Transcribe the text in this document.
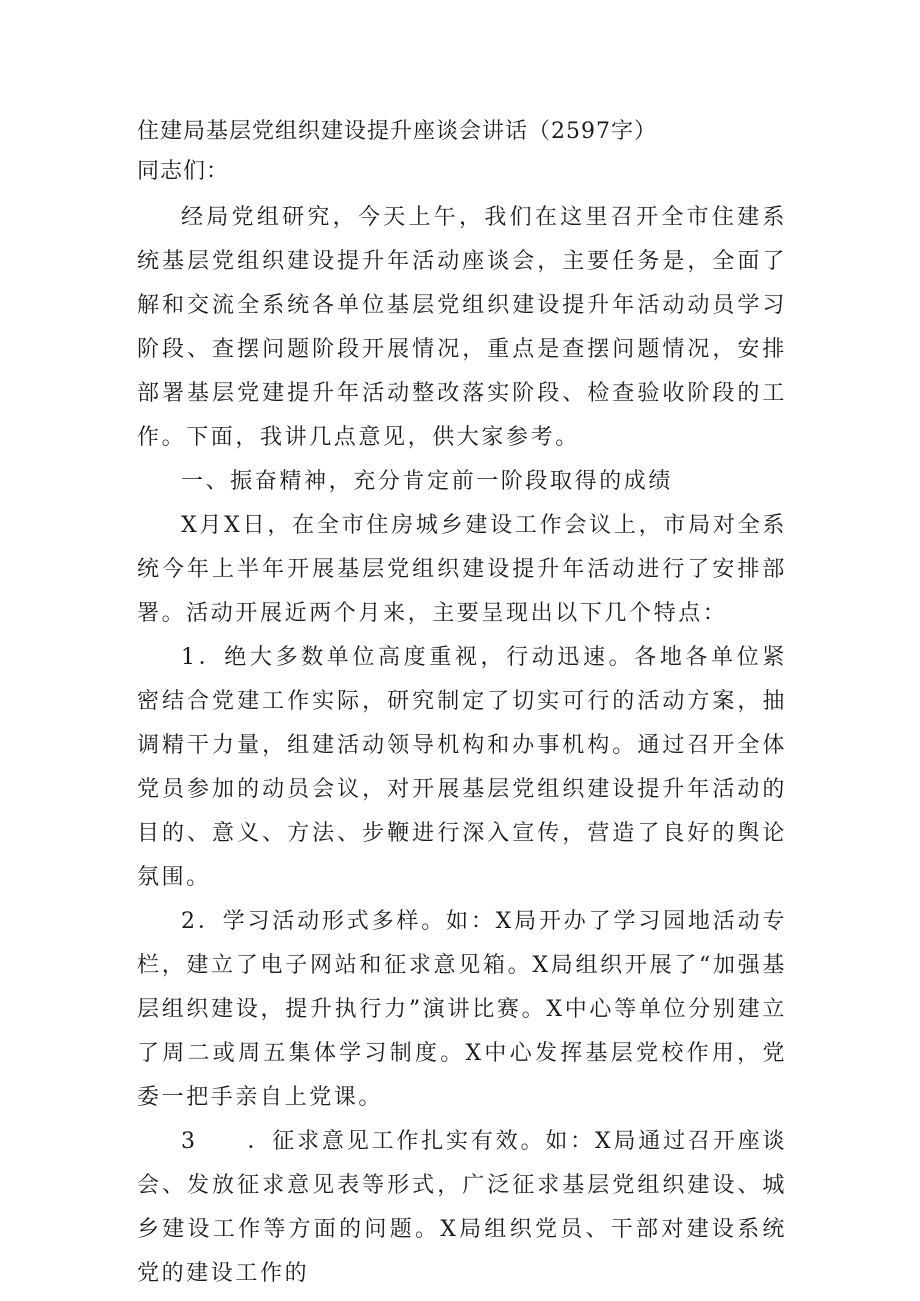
住建局基层党组织建设提升座谈会讲话（2597字）
同志们：

经局党组研究，今天上午，我们在这里召开全市住建系统基层党组织建设提升年活动座谈会，主要任务是，全面了解和交流全系统各单位基层党组织建设提升年活动动员学习阶段、查摆问题阶段开展情况，重点是查摆问题情况，安排部署基层党建提升年活动整改落实阶段、检查验收阶段的工作。下面，我讲几点意见，供大家参考。

一、振奋精神，充分肯定前一阶段取得的成绩

X月X日，在全市住房城乡建设工作会议上，市局对全系统今年上半年开展基层党组织建设提升年活动进行了安排部署。活动开展近两个月来，主要呈现出以下几个特点：

1．绝大多数单位高度重视，行动迅速。各地各单位紧密结合党建工作实际，研究制定了切实可行的活动方案，抽调精干力量，组建活动领导机构和办事机构。通过召开全体党员参加的动员会议，对开展基层党组织建设提升年活动的目的、意义、方法、步鞭进行深入宣传，营造了良好的舆论氛围。

2．学习活动形式多样。如：X局开办了学习园地活动专栏，建立了电子网站和征求意见箱。X局组织开展了“加强基层组织建设，提升执行力”演讲比赛。X中心等单位分别建立了周二或周五集体学习制度。X中心发挥基层党校作用，党委一把手亲自上党课。

3　　．征求意见工作扎实有效。如：X局通过召开座谈会、发放征求意见表等形式，广泛征求基层党组织建设、城乡建设工作等方面的问题。X局组织党员、干部对建设系统党的建设工作的
